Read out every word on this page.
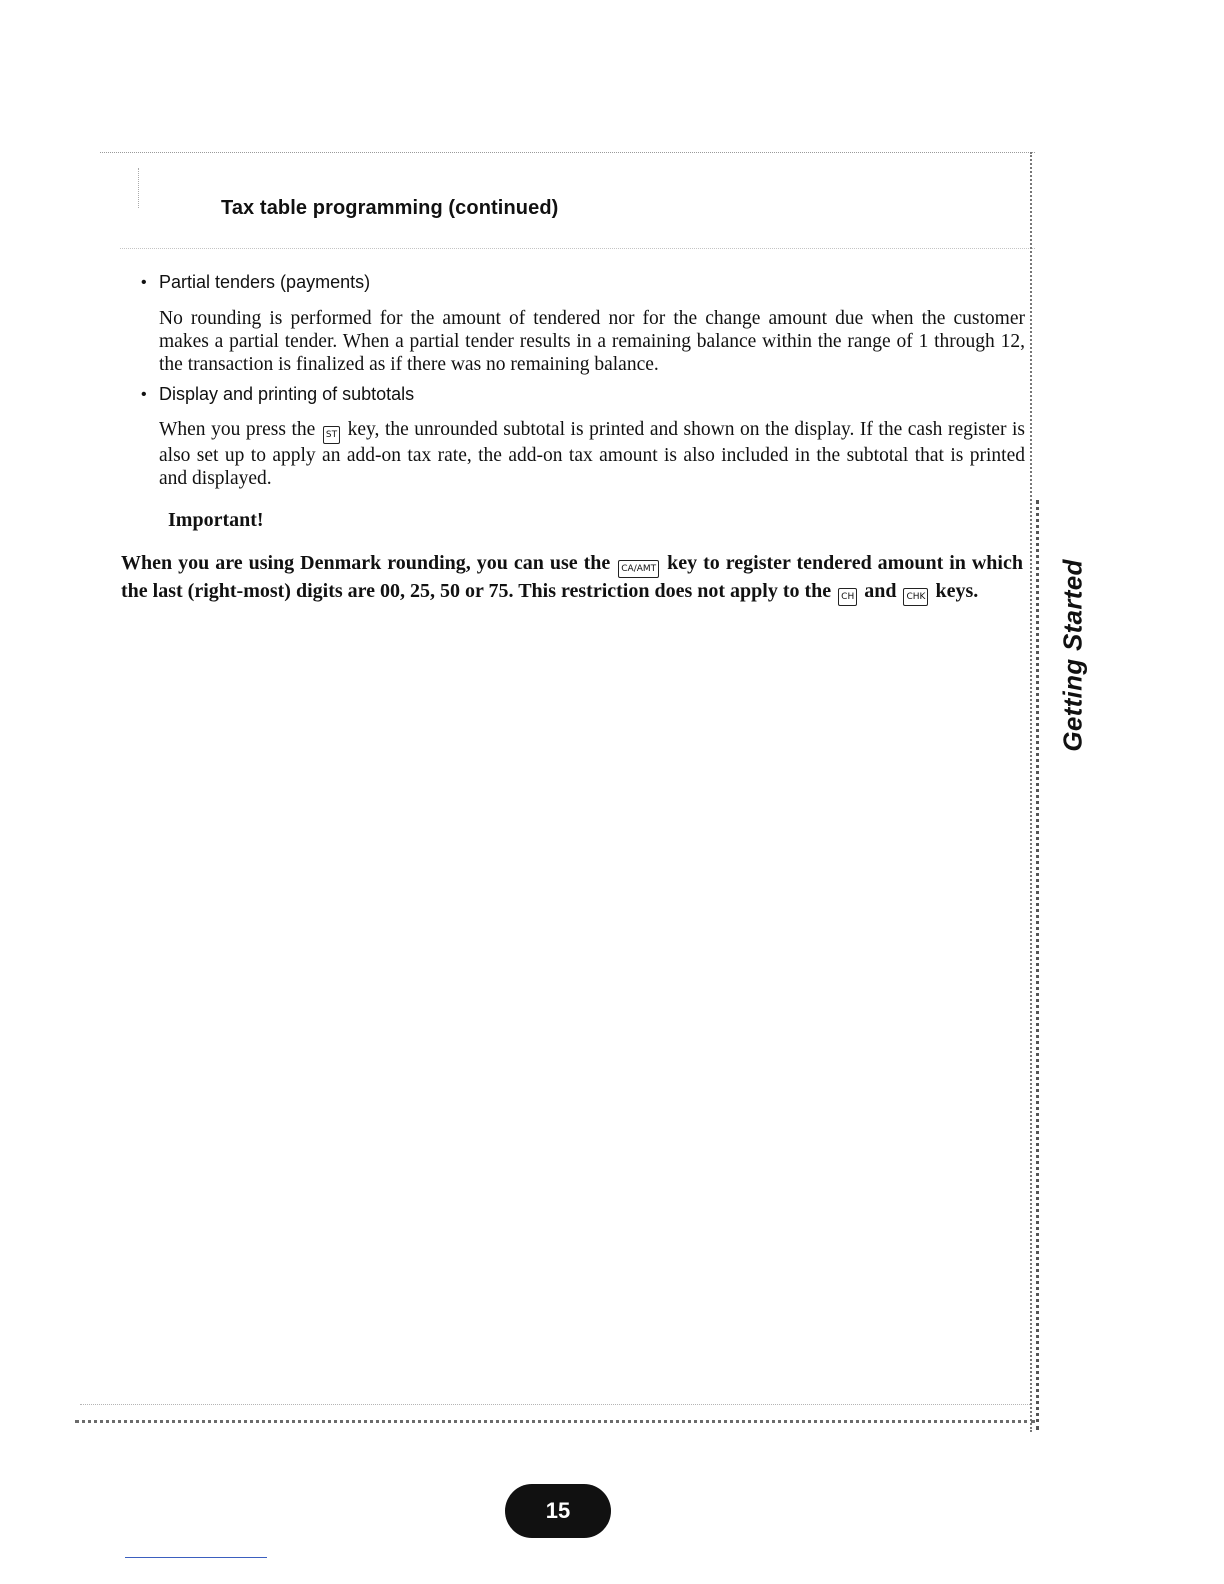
Tax table programming (continued)
• Partial tenders (payments)
No rounding is performed for the amount of tendered nor for the change amount due when the customer makes a partial tender. When a partial tender results in a remaining balance within the range of 1 through 12, the transaction is finalized as if there was no remaining balance.
• Display and printing of subtotals
When you press the ST key, the unrounded subtotal is printed and shown on the display. If the cash register is also set up to apply an add-on tax rate, the add-on tax amount is also included in the subtotal that is printed and displayed.
Important!
When you are using Denmark rounding, you can use the CA/AMT key to register tendered amount in which the last (right-most) digits are 00, 25, 50 or 75. This restriction does not apply to the CH and CHK keys.	Getting Started
15
